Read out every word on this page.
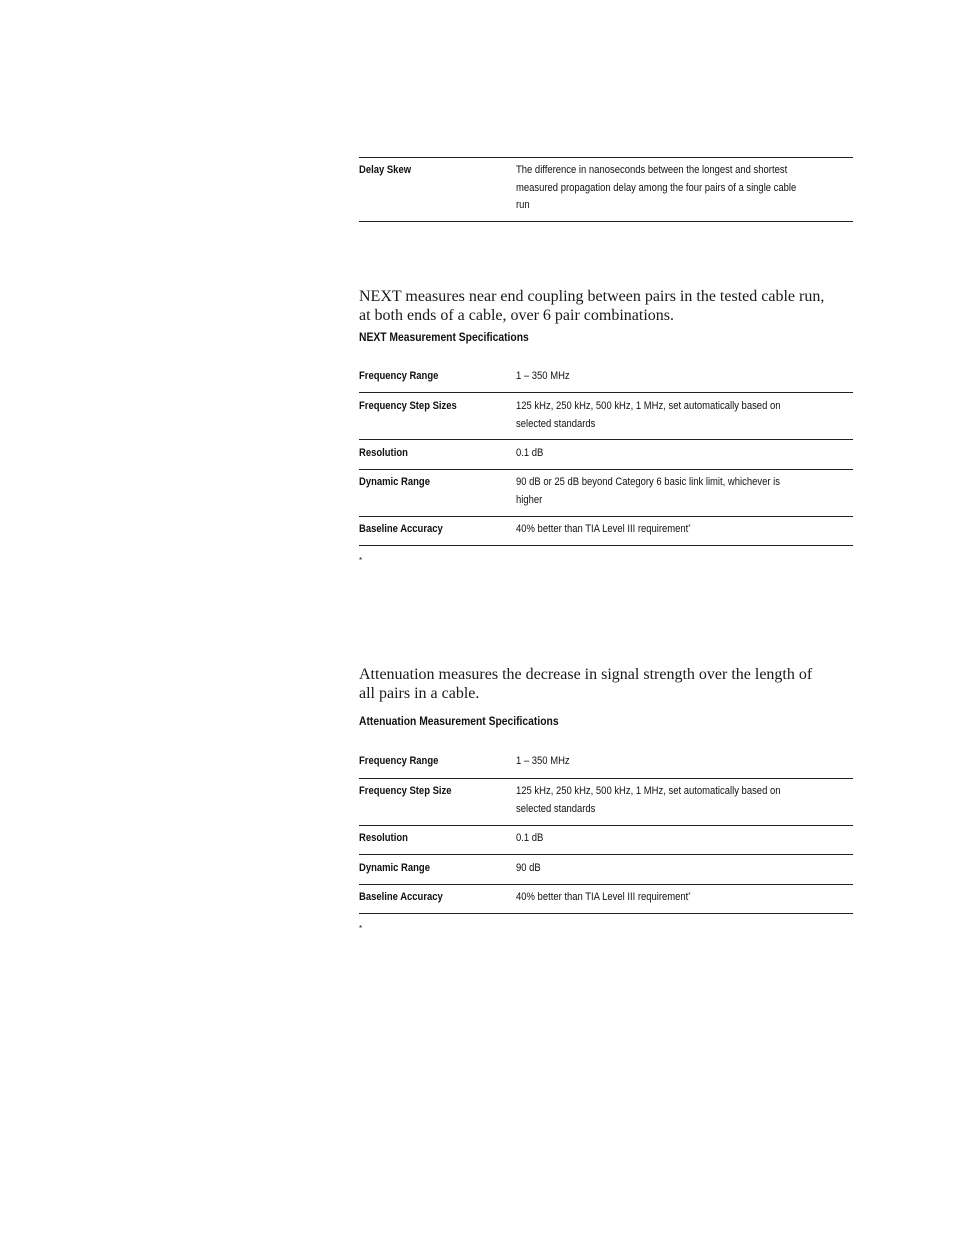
Delay Skew	The difference in nanoseconds between the longest and shortest
measured propagation delay among the four pairs of a single cable
run
NEXT measures near end coupling between pairs in the tested cable run,
at both ends of a cable, over 6 pair combinations.
NEXT Measurement Specifications
Frequency Range	1 – 350 MHz
Frequency Step Sizes	125 kHz, 250 kHz, 500 kHz, 1 MHz, set automatically based on
selected standards
Resolution	0.1 dB
Dynamic Range	90 dB or 25 dB beyond Category 6 basic link limit, whichever is
higher
Baseline Accuracy	40% better than TIA Level III requirement*
*
Attenuation measures the decrease in signal strength over the length of
all pairs in a cable.
Attenuation Measurement Specifications
Frequency Range	1 – 350 MHz
Frequency Step Size	125 kHz, 250 kHz, 500 kHz, 1 MHz, set automatically based on
selected standards
Resolution	0.1 dB
Dynamic Range	90 dB
Baseline Accuracy	40% better than TIA Level III requirement*
*
